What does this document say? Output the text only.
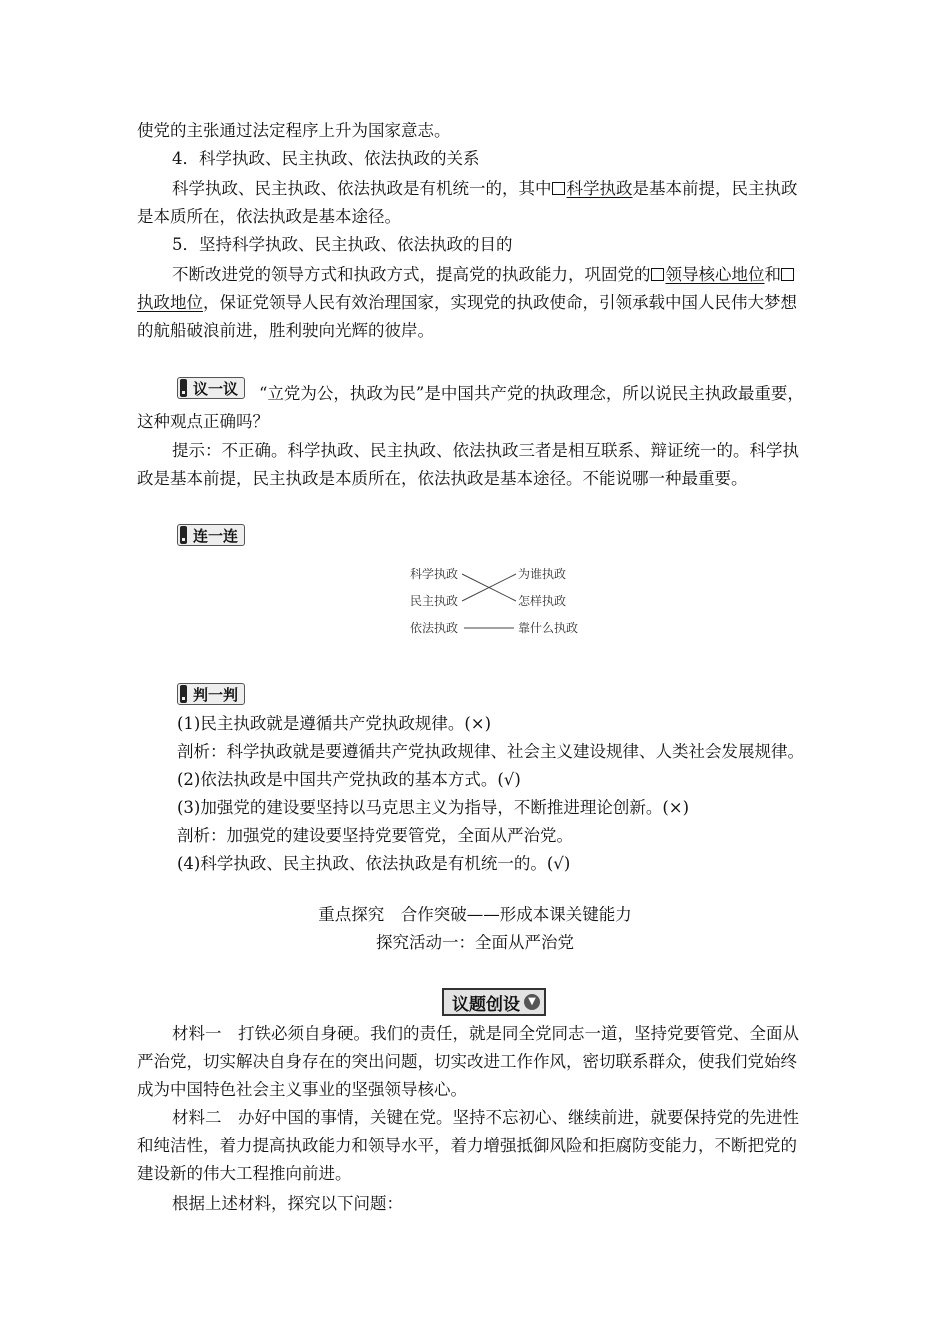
使党的主张通过法定程序上升为国家意志。
4．科学执政、民主执政、依法执政的关系
科学执政、民主执政、依法执政是有机统一的，其中 科学执政是基本前提，民主执政
是本质所在，依法执政是基本途径。
5．坚持科学执政、民主执政、依法执政的目的
不断改进党的领导方式和执政方式，提高党的执政能力，巩固党的 领导核心地位和
执政地位，保证党领导人民有效治理国家，实现党的执政使命，引领承载中国人民伟大梦想
的航船破浪前进，胜利驶向光辉的彼岸。
议一议 “立党为公，执政为民”是中国共产党的执政理念，所以说民主执政最重要，
这种观点正确吗？
提示：不正确。科学执政、民主执政、依法执政三者是相互联系、辩证统一的。科学执
政是基本前提，民主执政是本质所在，依法执政是基本途径。不能说哪一种最重要。
连一连
科学执政
民主执政
依法执政
为谁执政
怎样执政
靠什么执政
判一判
(1)民主执政就是遵循共产党执政规律。(×)
剖析：科学执政就是要遵循共产党执政规律、社会主义建设规律、人类社会发展规律。
(2)依法执政是中国共产党执政的基本方式。(√)
(3)加强党的建设要坚持以马克思主义为指导，不断推进理论创新。(×)
剖析：加强党的建设要坚持党要管党，全面从严治党。
(4)科学执政、民主执政、依法执政是有机统一的。(√)
重点探究　合作突破——形成本课关键能力
探究活动一：全面从严治党
议题创设 ▼
材料一　打铁必须自身硬。我们的责任，就是同全党同志一道，坚持党要管党、全面从
严治党，切实解决自身存在的突出问题，切实改进工作作风，密切联系群众，使我们党始终
成为中国特色社会主义事业的坚强领导核心。
材料二　办好中国的事情，关键在党。坚持不忘初心、继续前进，就要保持党的先进性
和纯洁性，着力提高执政能力和领导水平，着力增强抵御风险和拒腐防变能力，不断把党的
建设新的伟大工程推向前进。
根据上述材料，探究以下问题：
